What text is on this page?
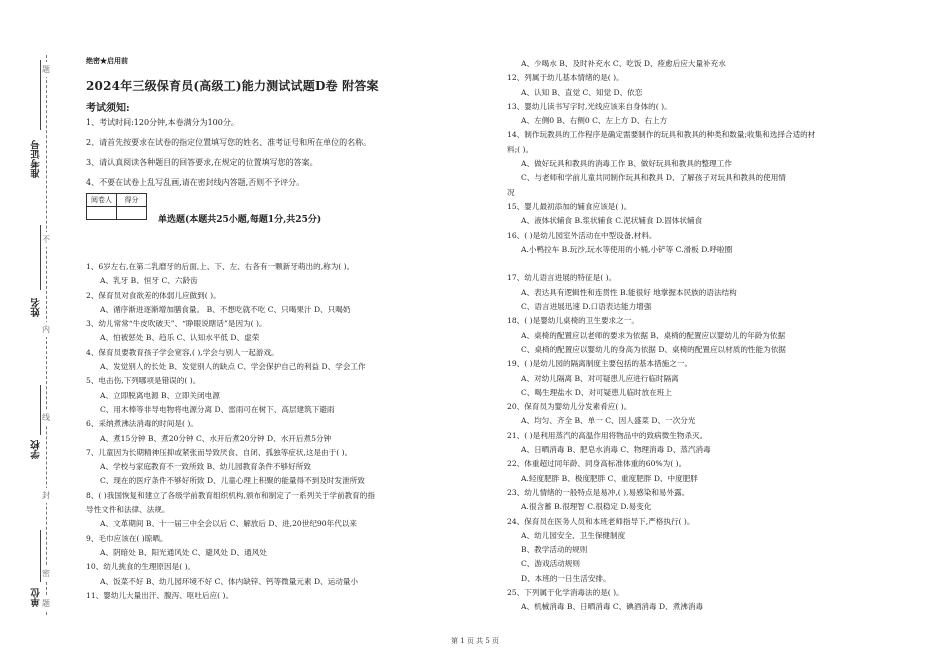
准考证号
姓名
学校
单位
题
不
内
线
封
密
题
绝密★启用前
2024年三级保育员(高级工)能力测试试题D卷 附答案
考试须知:
1、考试时间:120分钟,本卷满分为100分。
2、请首先按要求在试卷的指定位置填写您的姓名、准考证号和所在单位的名称。
3、请认真阅读各种题目的回答要求,在规定的位置填写您的答案。
4、不要在试卷上乱写乱画,请在密封线内答题,否则不予评分。
阅卷人	得分

单选题(本题共25小题,每题1分,共25分)
1、6岁左右,在第二乳磨牙的后面,上、下、左、右各有一颗新牙萌出的,称为( )。
A、乳牙 B、恒牙 C、六龄齿
2、保育员对食欲差的体弱儿应做到( )。
A、循序渐进逐渐增加膳食量。 B、不想吃就不吃 C、只喝果汁 D、只喝奶
3、幼儿常常“牛皮吹破天”、“睁眼说瞎话”是因为( )。
A、怕被惩处 B、趋乐 C、认知水平低 D、虚荣
4、保育员要教育孩子学会宽容,( ),学会与别人一起游戏。
A、发觉别人的长处 B、发觉别人的缺点 C、学会保护自己的利益 D、学会工作
5、电击伤,下列哪项是错误的( )。
A、立即脱离电源 B、立即关闭电源
C、用木棒等非导电物将电源分离 D、雷雨可在树下、高层建筑下避雨
6、采纳煮沸法消毒的时间是( )。
A、煮15分钟 B、煮20分钟 C、水开后煮20分钟 D、水开后煮5分钟
7、儿童因为长期精神压抑或紧张而导致厌食、自闭、孤独等症状,这是由于( )。
A、学校与家庭教育不一致所致 B、幼儿园教育条件不够好所致
C、现在的医疗条件不够好所致 D、儿童心理上积聚的能量得不到及时发泄所致
8、( )我国恢复和建立了各级学前教育组织机构,颁布和制定了一系列关于学前教育的指
导性文件和法律、法规。
A、文革期间 B、十一届三中全会以后 C、解放后 D、进,20世纪90年代以来
9、毛巾应该在( )晾晒。
A、阴暗处 B、阳光通风处 C、避风处 D、通风处
10、幼儿挑食的生理原因是( )。
A、饭菜不好 B、幼儿园环境不好 C、体内缺锌、钙等微量元素 D、运动量小
11、婴幼儿大量出汗、腹泻、呕吐后应( )。
A、少喝水 B、及时补充水 C、吃饭 D、痊愈后应大量补充水
12、列属于幼儿基本情绪的是( )。
A、认知 B、直觉 C、知觉 D、依恋
13、婴幼儿读书写字时,光线应该来自身体的( )。
A、左侧0 B、右侧0 C、左上方 D、右上方
14、制作玩教具的工作程序是确定需要制作的玩具和教具的种类和数量;收集和选择合适的材
料;( )。
A、做好玩具和教具的消毒工作 B、做好玩具和教具的整理工作
C、与老师和学前儿童共同制作玩具和教具 D、了解孩子对玩具和教具的使用情
况
15、婴儿最初添加的辅食应该是( )。
A、液体状辅食 B.浆状辅食 C.泥状辅食 D.固体状辅食
16、( )是幼儿园室外活动在中型设备,材料。
A.小鸭拉车 B.玩沙,玩水等使用的小桶,小铲等 C.滑板 D.呼啦圈
17、幼儿语言进展的特征是( )。
A、表达具有逻辑性和连贯性 B.能很好 地掌握本民族的语法结构
C、语言进展迅速 D.口语表达能力增强
18、( )是婴幼儿桌椅的卫生要求之一。
A、桌椅的配置应以老师的要求为依据 B、桌椅的配置应以婴幼儿的年龄为依据
C、桌椅的配置应以婴幼儿的身高为依据 D、桌椅的配置应以材质的性能为依据
19、( )是幼儿园的隔离制度主要包括的基本措施之一。
A、对幼儿隔离 B、对可疑患儿应进行临时隔离
C、喝生理盐水 D、对可疑患儿临时放在班上
20、保育员为婴幼儿分发素肴应( )。
A、均匀、齐全 B、单一 C、因人盛菜 D、一次分光
21、( )是利用蒸汽的高温作用将物品中的致病微生物杀灭。
A、日晒消毒 B、肥皂水消毒 C、物理消毒 D、蒸汽消毒
22、体重超过同年龄、同身高标准体重的60%为( )。
A.轻度肥胖 B、极度肥胖 C、重度肥胖 D、中度肥胖
23、幼儿情绪的一般特点是易冲,( ),易感染和易外露。
A.很含蓄 B.很理智 C.很稳定 D.易变化
24、保育员在医务人员和本班老师指导下,严格执行( )。
A、幼儿园安全、卫生保健制度
B、教学活动的规则
C、游戏活动规则
D、本班的一日生活安排。
25、下列属于化学消毒法的是( )。
A、机械消毒 B、日晒消毒 C、碘酒消毒 D、煮沸消毒
第 1 页 共 5 页
